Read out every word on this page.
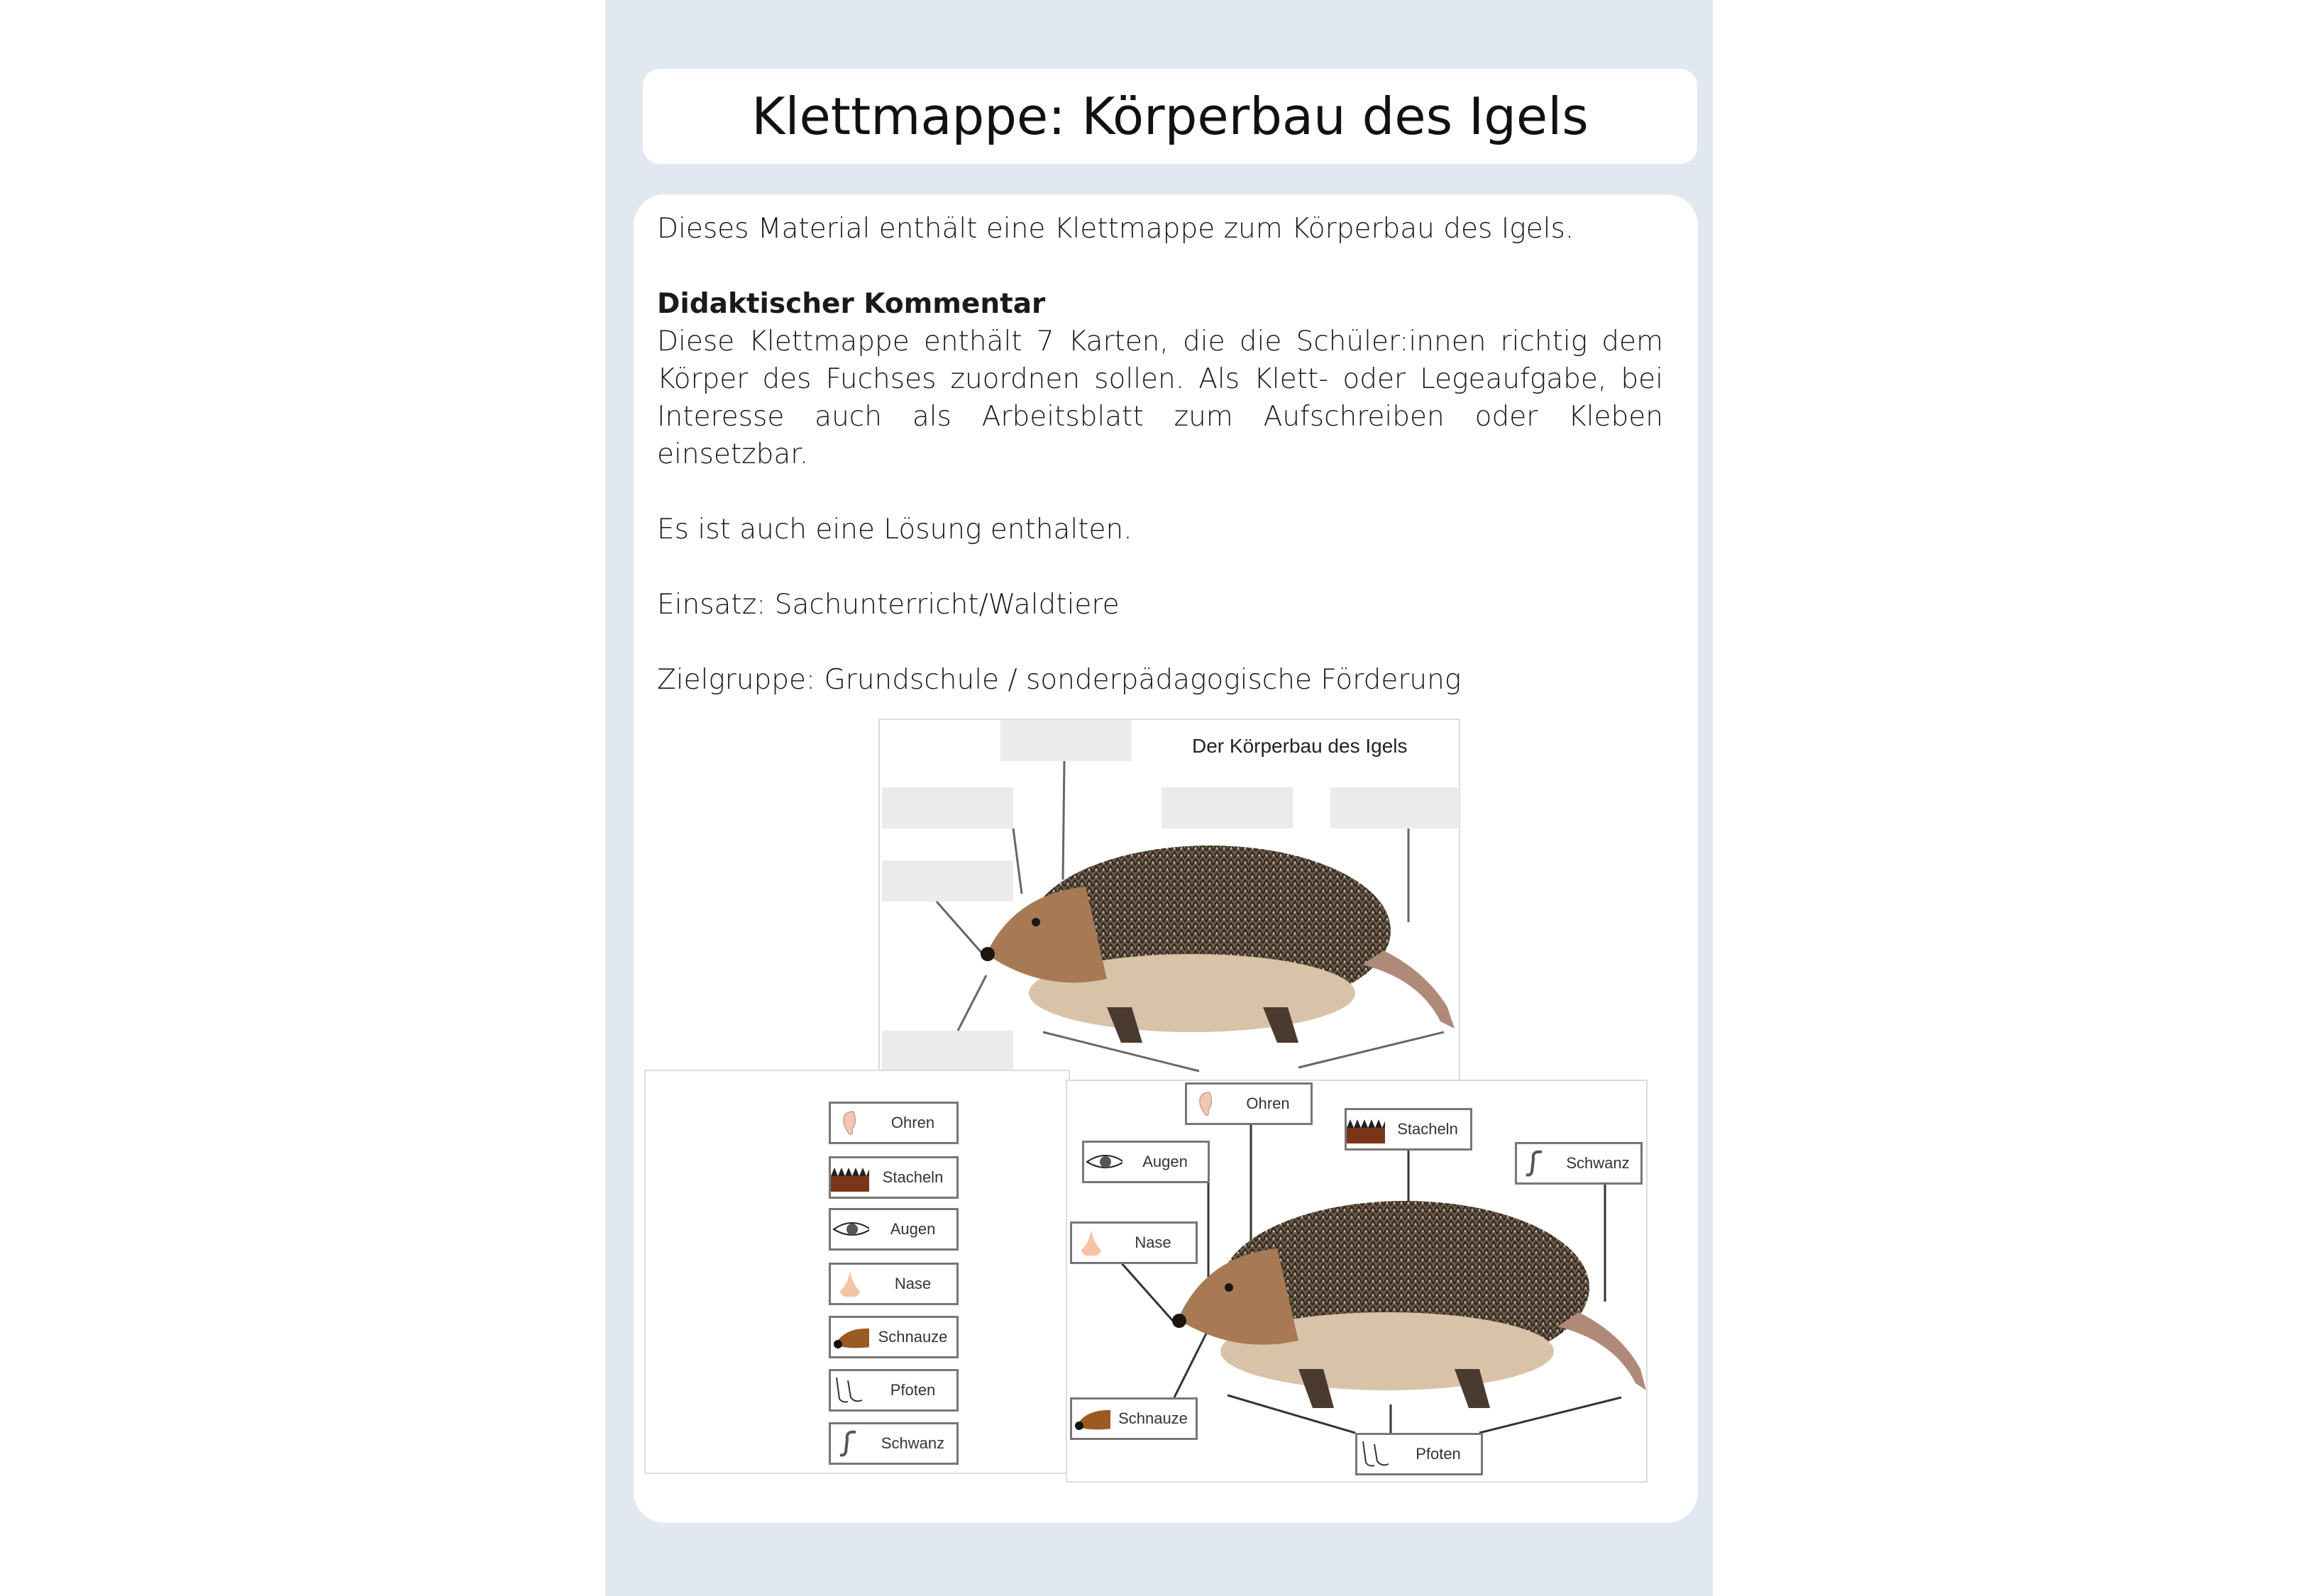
Klettmappe: Körperbau des Igels

Dieses Material enthält eine Klettmappe zum Körperbau des Igels.

Didaktischer Kommentar

Diese Klettmappe enthält 7 Karten, die die Schüler:innen richtig dem Körper des Fuchses zuordnen sollen. Als Klett- oder Legeaufgabe, bei Interesse auch als Arbeitsblatt zum Aufschreiben oder Kleben einsetzbar.

Es ist auch eine Lösung enthalten.

Einsatz: Sachunterricht/Waldtiere

Zielgruppe: Grundschule / sonderpädagogische Förderung

Der Körperbau des Igels
Ohren
Stacheln
Augen
Nase
Schnauze
Pfoten
Schwanz
Ohren
Stacheln
Augen	Schwanz
Nase
Schnauze
Pfoten
